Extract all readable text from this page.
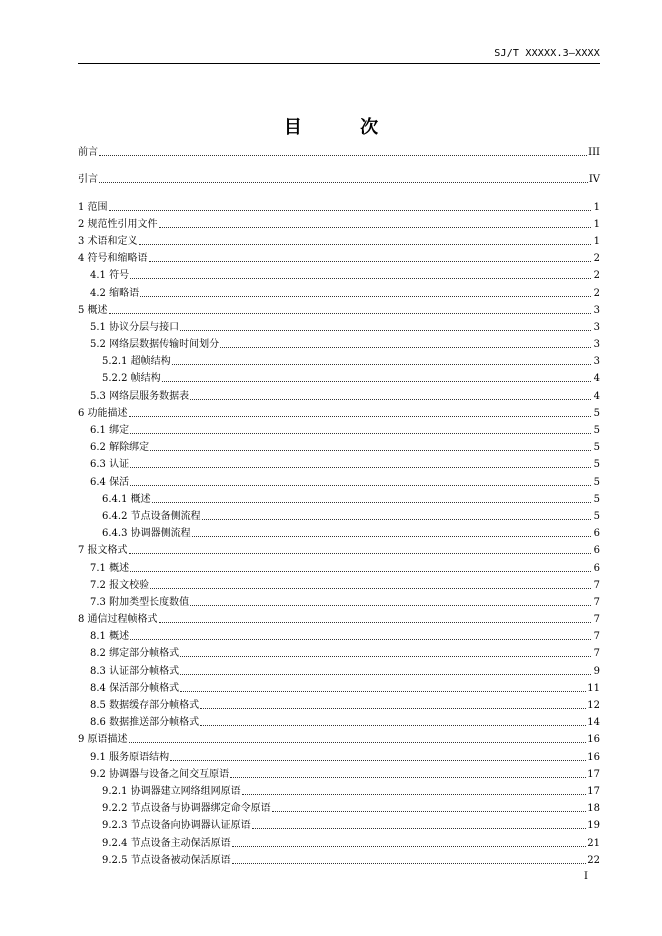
SJ/T XXXXX.3—XXXX
目 次
前言	III
引言	IV
1 范围	1
2 规范性引用文件	1
3 术语和定义	1
4 符号和缩略语	2
4.1 符号	2
4.2 缩略语	2
5 概述	3
5.1 协议分层与接口	3
5.2 网络层数据传输时间划分	3
5.2.1 超帧结构	3
5.2.2 帧结构	4
5.3 网络层服务数据表	4
6 功能描述	5
6.1 绑定	5
6.2 解除绑定	5
6.3 认证	5
6.4 保活	5
6.4.1 概述	5
6.4.2 节点设备侧流程	5
6.4.3 协调器侧流程	6
7 报文格式	6
7.1 概述	6
7.2 报文校验	7
7.3 附加类型长度数值	7
8 通信过程帧格式	7
8.1 概述	7
8.2 绑定部分帧格式	7
8.3 认证部分帧格式	9
8.4 保活部分帧格式	11
8.5 数据缓存部分帧格式	12
8.6 数据推送部分帧格式	14
9 原语描述	16
9.1 服务原语结构	16
9.2 协调器与设备之间交互原语	17
9.2.1 协调器建立网络组网原语	17
9.2.2 节点设备与协调器绑定命令原语	18
9.2.3 节点设备向协调器认证原语	19
9.2.4 节点设备主动保活原语	21
9.2.5 节点设备被动保活原语	22
I
